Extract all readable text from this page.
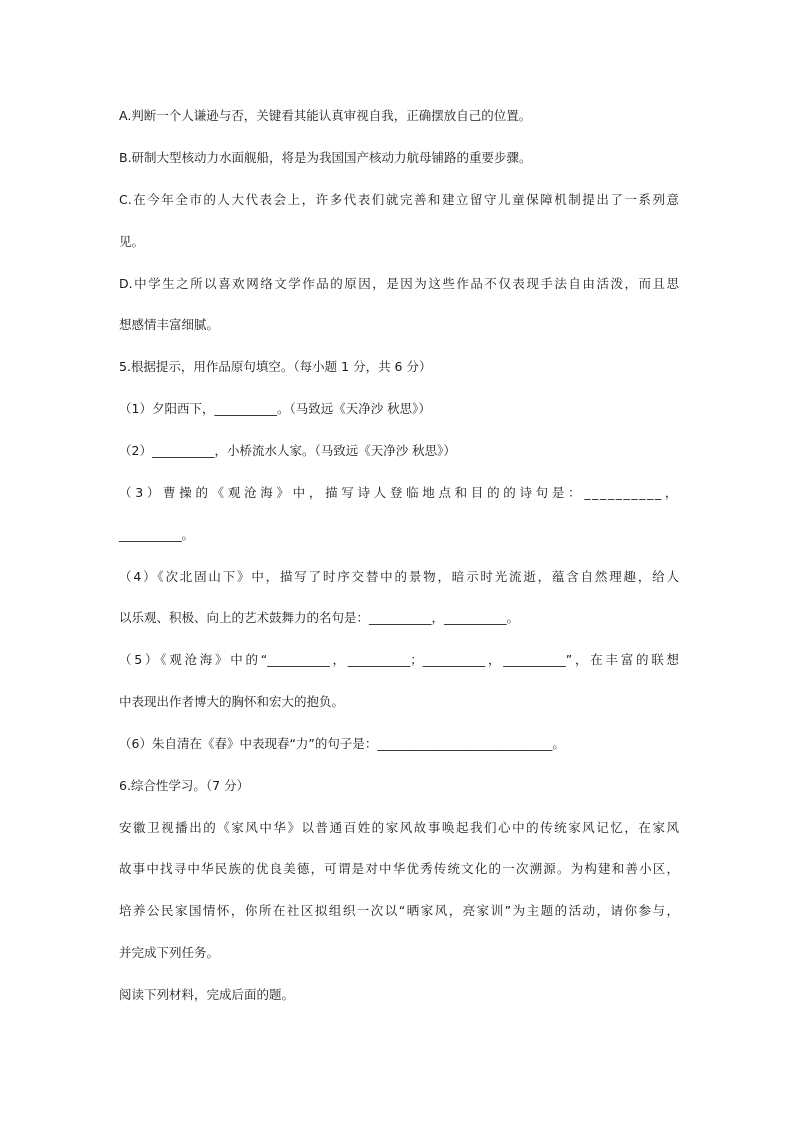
A.判断一个人谦逊与否，关键看其能认真审视自我，正确摆放自己的位置。
B.研制大型核动力水面舰船，将是为我国国产核动力航母铺路的重要步骤。
C.在今年全市的人大代表会上，许多代表们就完善和建立留守儿童保障机制提出了一系列意
见。
D.中学生之所以喜欢网络文学作品的原因，是因为这些作品不仅表现手法自由活泼，而且思
想感情丰富细腻。
5.根据提示，用作品原句填空。（每小题 1 分，共 6 分）
（1）夕阳西下，__________。（马致远《天净沙 秋思》）
（2）__________，小桥流水人家。（马致远《天净沙 秋思》）
（3）曹操的《观沧海》中，描写诗人登临地点和目的的诗句是：__________，
__________。
（4）《次北固山下》中，描写了时序交替中的景物，暗示时光流逝，蕴含自然理趣，给人
以乐观、积极、向上的艺术鼓舞力的名句是：__________，__________。
（5）《观沧海》中的“__________，__________；__________，__________”，在丰富的联想
中表现出作者博大的胸怀和宏大的抱负。
（6）朱自清在《春》中表现春“力”的句子是：____________________________。
6.综合性学习。（7 分）
安徽卫视播出的《家风中华》以普通百姓的家风故事唤起我们心中的传统家风记忆，在家风
故事中找寻中华民族的优良美德，可谓是对中华优秀传统文化的一次溯源。为构建和善小区，
培养公民家国情怀，你所在社区拟组织一次以“晒家风，亮家训”为主题的活动，请你参与，
并完成下列任务。
阅读下列材料，完成后面的题。
